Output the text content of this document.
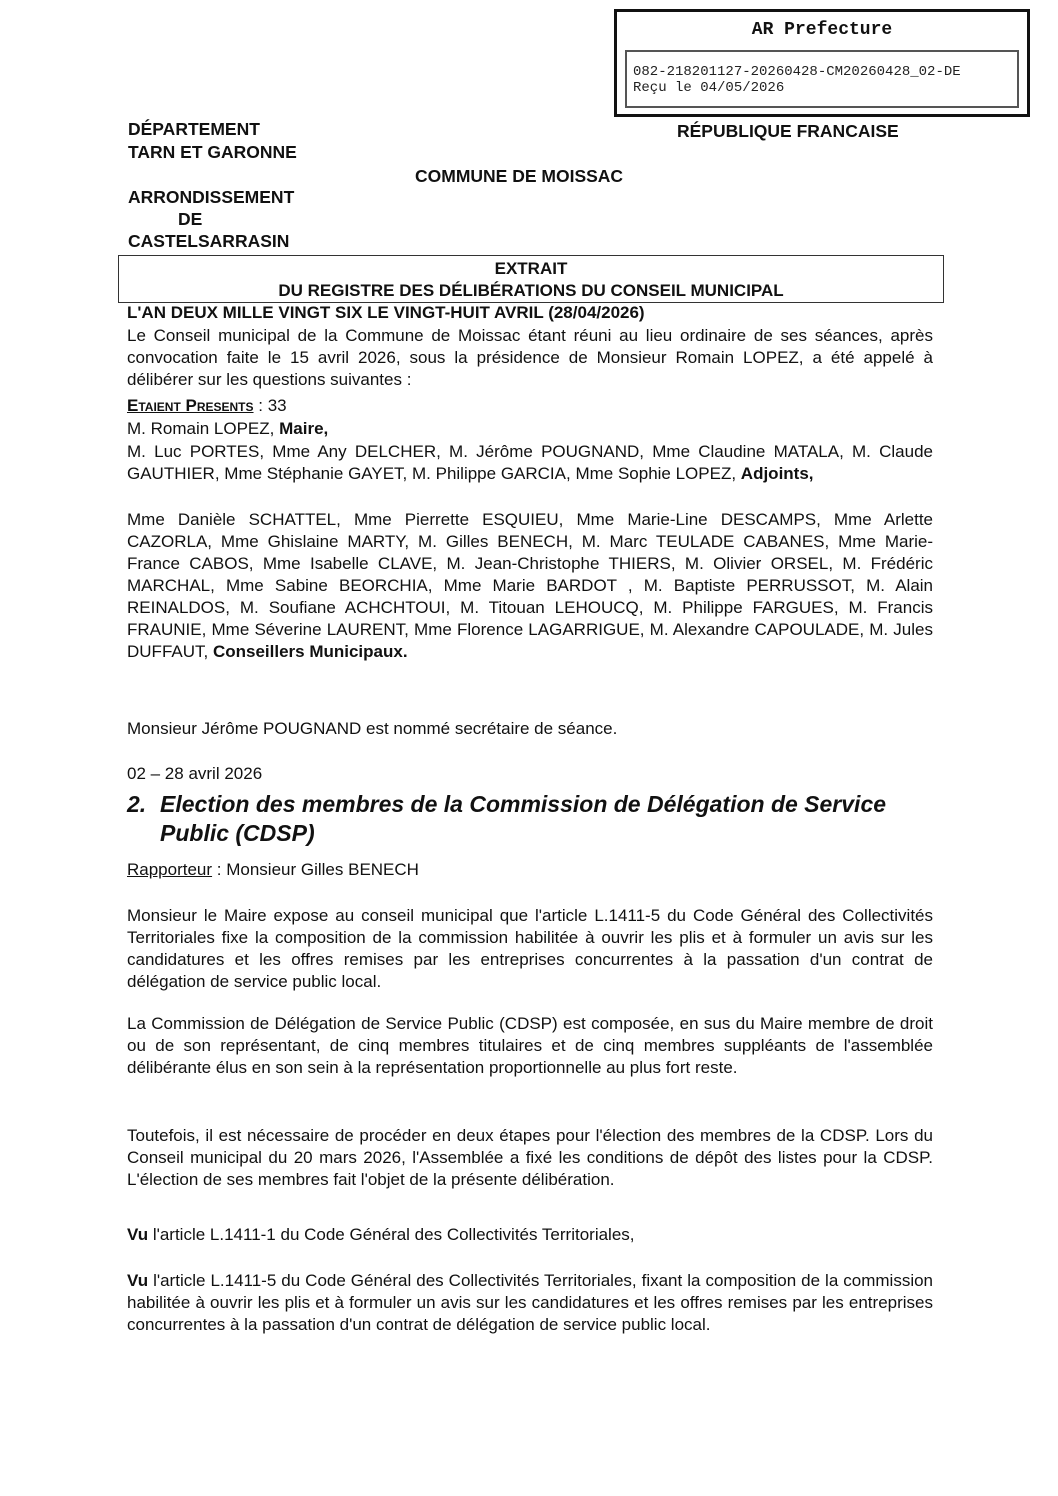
AR Prefecture
082-218201127-20260428-CM20260428_02-DE
Reçu le 04/05/2026
DÉPARTEMENT
TARN ET GARONNE
RÉPUBLIQUE FRANCAISE
COMMUNE DE MOISSAC
ARRONDISSEMENT
DE
CASTELSARRASIN
EXTRAIT
DU REGISTRE DES DÉLIBÉRATIONS DU CONSEIL MUNICIPAL
L'AN DEUX MILLE VINGT SIX LE VINGT-HUIT AVRIL (28/04/2026)
Le Conseil municipal de la Commune de Moissac étant réuni au lieu ordinaire de ses séances, après convocation faite le 15 avril 2026, sous la présidence de Monsieur Romain LOPEZ, a été appelé à délibérer sur les questions suivantes :
Etaient Presents : 33
M. Romain LOPEZ, Maire,
M. Luc PORTES, Mme Any DELCHER, M. Jérôme POUGNAND, Mme Claudine MATALA, M. Claude GAUTHIER, Mme Stéphanie GAYET, M. Philippe GARCIA, Mme Sophie LOPEZ, Adjoints,
Mme Danièle SCHATTEL, Mme Pierrette ESQUIEU, Mme Marie-Line DESCAMPS, Mme Arlette CAZORLA, Mme Ghislaine MARTY, M. Gilles BENECH, M. Marc TEULADE CABANES, Mme Marie-France CABOS, Mme Isabelle CLAVE, M. Jean-Christophe THIERS, M. Olivier ORSEL, M. Frédéric MARCHAL, Mme Sabine BEORCHIA, Mme Marie BARDOT , M. Baptiste PERRUSSOT, M. Alain REINALDOS, M. Soufiane ACHCHTOUI, M. Titouan LEHOUCQ, M. Philippe FARGUES, M. Francis FRAUNIE, Mme Séverine LAURENT, Mme Florence LAGARRIGUE, M. Alexandre CAPOULADE, M. Jules DUFFAUT, Conseillers Municipaux.
Monsieur Jérôme POUGNAND est nommé secrétaire de séance.
02 – 28 avril 2026
2. Election des membres de la Commission de Délégation de Service Public (CDSP)
Rapporteur : Monsieur Gilles BENECH
Monsieur le Maire expose au conseil municipal que l'article L.1411-5 du Code Général des Collectivités Territoriales fixe la composition de la commission habilitée à ouvrir les plis et à formuler un avis sur les candidatures et les offres remises par les entreprises concurrentes à la passation d'un contrat de délégation de service public local.
La Commission de Délégation de Service Public (CDSP) est composée, en sus du Maire membre de droit ou de son représentant, de cinq membres titulaires et de cinq membres suppléants de l'assemblée délibérante élus en son sein à la représentation proportionnelle au plus fort reste.
Toutefois, il est nécessaire de procéder en deux étapes pour l'élection des membres de la CDSP. Lors du Conseil municipal du 20 mars 2026, l'Assemblée a fixé les conditions de dépôt des listes pour la CDSP. L'élection de ses membres fait l'objet de la présente délibération.
Vu l'article L.1411-1 du Code Général des Collectivités Territoriales,
Vu l'article L.1411-5 du Code Général des Collectivités Territoriales, fixant la composition de la commission habilitée à ouvrir les plis et à formuler un avis sur les candidatures et les offres remises par les entreprises concurrentes à la passation d'un contrat de délégation de service public local.
